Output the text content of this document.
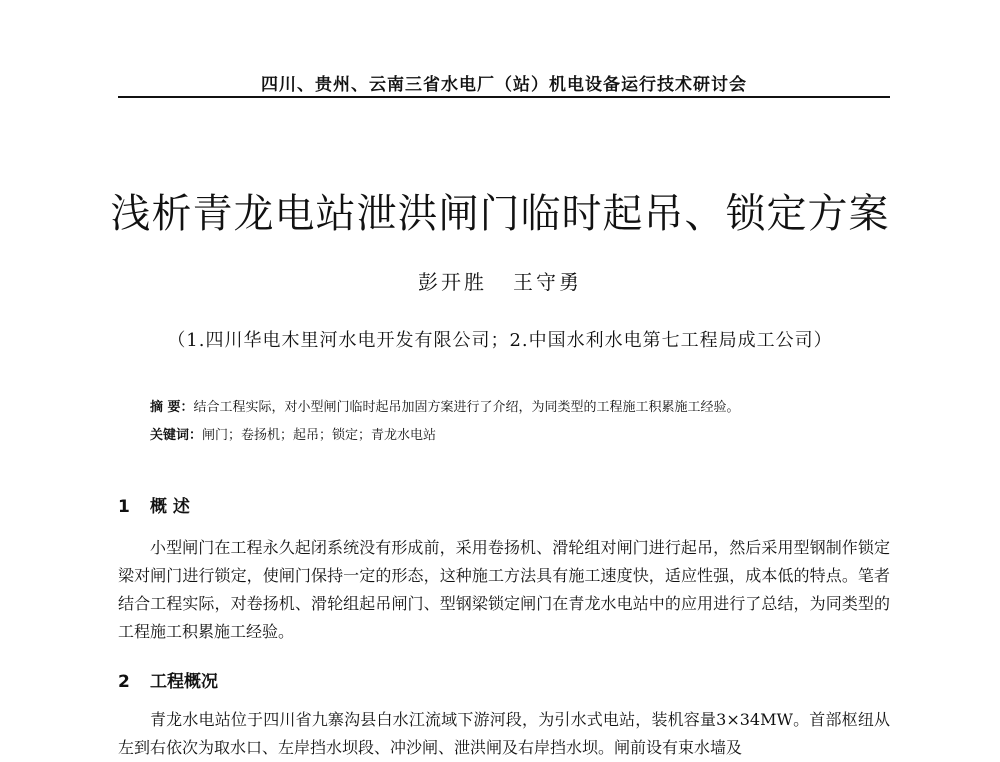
四川、贵州、云南三省水电厂（站）机电设备运行技术研讨会
浅析青龙电站泄洪闸门临时起吊、锁定方案
彭开胜 王守勇
（1.四川华电木里河水电开发有限公司；2.中国水利水电第七工程局成工公司）
摘 要：结合工程实际，对小型闸门临时起吊加固方案进行了介绍，为同类型的工程施工积累施工经验。
关键词：闸门；卷扬机；起吊；锁定；青龙水电站
1 概 述
小型闸门在工程永久起闭系统没有形成前，采用卷扬机、滑轮组对闸门进行起吊，然后采用型钢制作锁定梁对闸门进行锁定，使闸门保持一定的形态，这种施工方法具有施工速度快，适应性强，成本低的特点。笔者结合工程实际，对卷扬机、滑轮组起吊闸门、型钢梁锁定闸门在青龙水电站中的应用进行了总结，为同类型的工程施工积累施工经验。
2 工程概况
青龙水电站位于四川省九寨沟县白水江流域下游河段，为引水式电站，装机容量3×34MW。首部枢纽从左到右依次为取水口、左岸挡水坝段、冲沙闸、泄洪闸及右岸挡水坝。闸前设有束水墙及
